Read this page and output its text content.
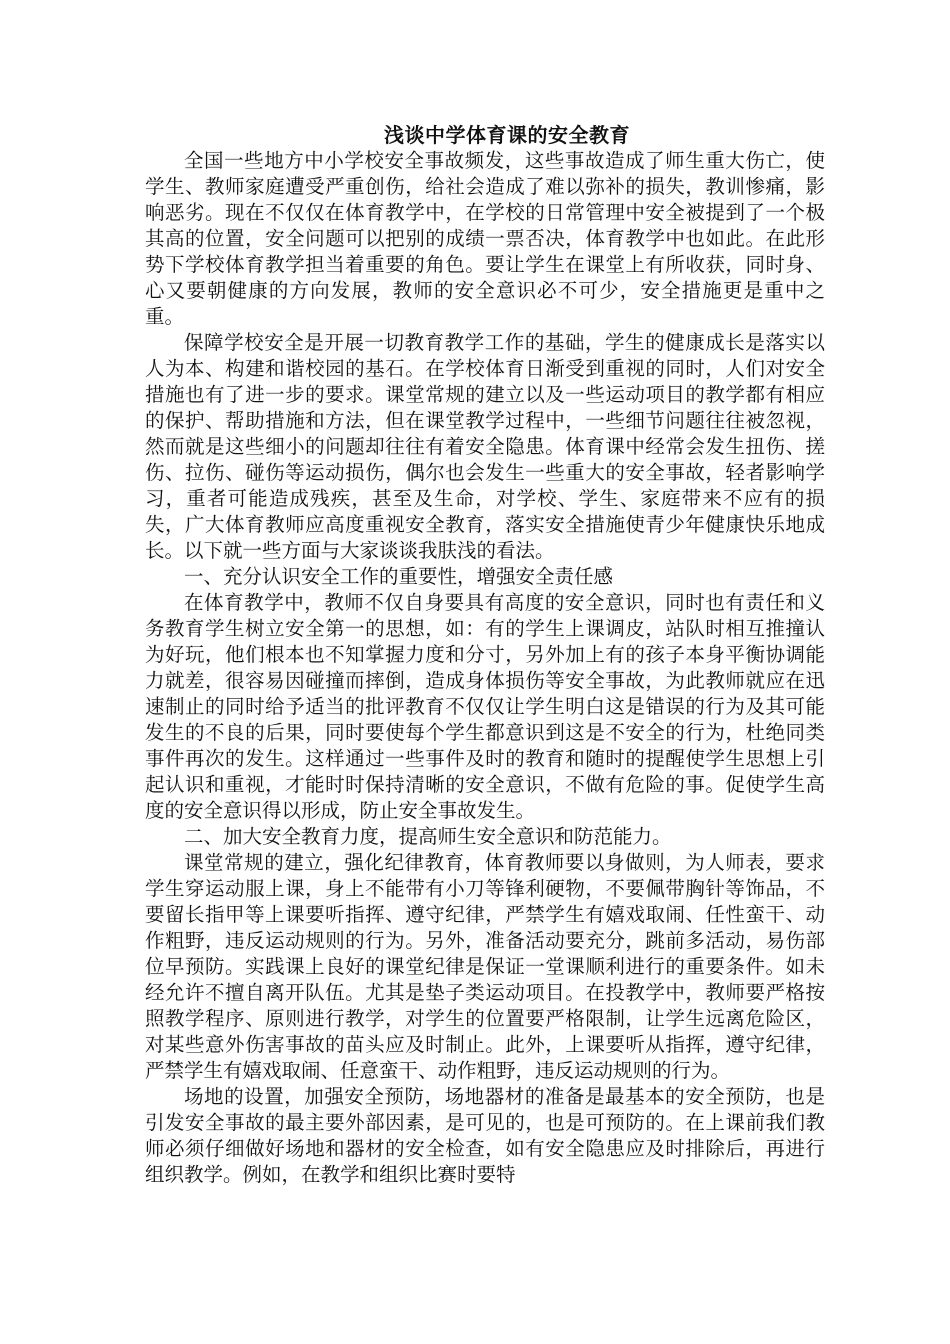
浅谈中学体育课的安全教育

全国一些地方中小学校安全事故频发，这些事故造成了师生重大伤亡，使学生、教师家庭遭受严重创伤，给社会造成了难以弥补的损失，教训惨痛，影响恶劣。现在不仅仅在体育教学中，在学校的日常管理中安全被提到了一个极其高的位置，安全问题可以把别的成绩一票否决，体育教学中也如此。在此形势下学校体育教学担当着重要的角色。要让学生在课堂上有所收获，同时身、心又要朝健康的方向发展，教师的安全意识必不可少，安全措施更是重中之重。

保障学校安全是开展一切教育教学工作的基础，学生的健康成长是落实以人为本、构建和谐校园的基石。在学校体育日渐受到重视的同时，人们对安全措施也有了进一步的要求。课堂常规的建立以及一些运动项目的教学都有相应的保护、帮助措施和方法，但在课堂教学过程中，一些细节问题往往被忽视，然而就是这些细小的问题却往往有着安全隐患。体育课中经常会发生扭伤、搓伤、拉伤、碰伤等运动损伤，偶尔也会发生一些重大的安全事故，轻者影响学习，重者可能造成残疾，甚至及生命，对学校、学生、家庭带来不应有的损失，广大体育教师应高度重视安全教育，落实安全措施使青少年健康快乐地成长。以下就一些方面与大家谈谈我肤浅的看法。

一、充分认识安全工作的重要性，增强安全责任感

在体育教学中，教师不仅自身要具有高度的安全意识，同时也有责任和义务教育学生树立安全第一的思想，如：有的学生上课调皮，站队时相互推撞认为好玩，他们根本也不知掌握力度和分寸，另外加上有的孩子本身平衡协调能力就差，很容易因碰撞而摔倒，造成身体损伤等安全事故，为此教师就应在迅速制止的同时给予适当的批评教育不仅仅让学生明白这是错误的行为及其可能发生的不良的后果，同时要使每个学生都意识到这是不安全的行为，杜绝同类事件再次的发生。这样通过一些事件及时的教育和随时的提醒使学生思想上引起认识和重视，才能时时保持清晰的安全意识，不做有危险的事。促使学生高度的安全意识得以形成，防止安全事故发生。

二、加大安全教育力度，提高师生安全意识和防范能力。

课堂常规的建立，强化纪律教育，体育教师要以身做则，为人师表，要求学生穿运动服上课，身上不能带有小刀等锋利硬物，不要佩带胸针等饰品，不要留长指甲等上课要听指挥、遵守纪律，严禁学生有嬉戏取闹、任性蛮干、动作粗野，违反运动规则的行为。另外，准备活动要充分，跳前多活动，易伤部位早预防。实践课上良好的课堂纪律是保证一堂课顺利进行的重要条件。如未经允许不擅自离开队伍。尤其是垫子类运动项目。在投教学中，教师要严格按照教学程序、原则进行教学，对学生的位置要严格限制，让学生远离危险区，对某些意外伤害事故的苗头应及时制止。此外，上课要听从指挥，遵守纪律，严禁学生有嬉戏取闹、任意蛮干、动作粗野，违反运动规则的行为。

场地的设置，加强安全预防，场地器材的准备是最基本的安全预防，也是引发安全事故的最主要外部因素，是可见的，也是可预防的。在上课前我们教师必须仔细做好场地和器材的安全检查，如有安全隐患应及时排除后，再进行组织教学。例如，在教学和组织比赛时要特
